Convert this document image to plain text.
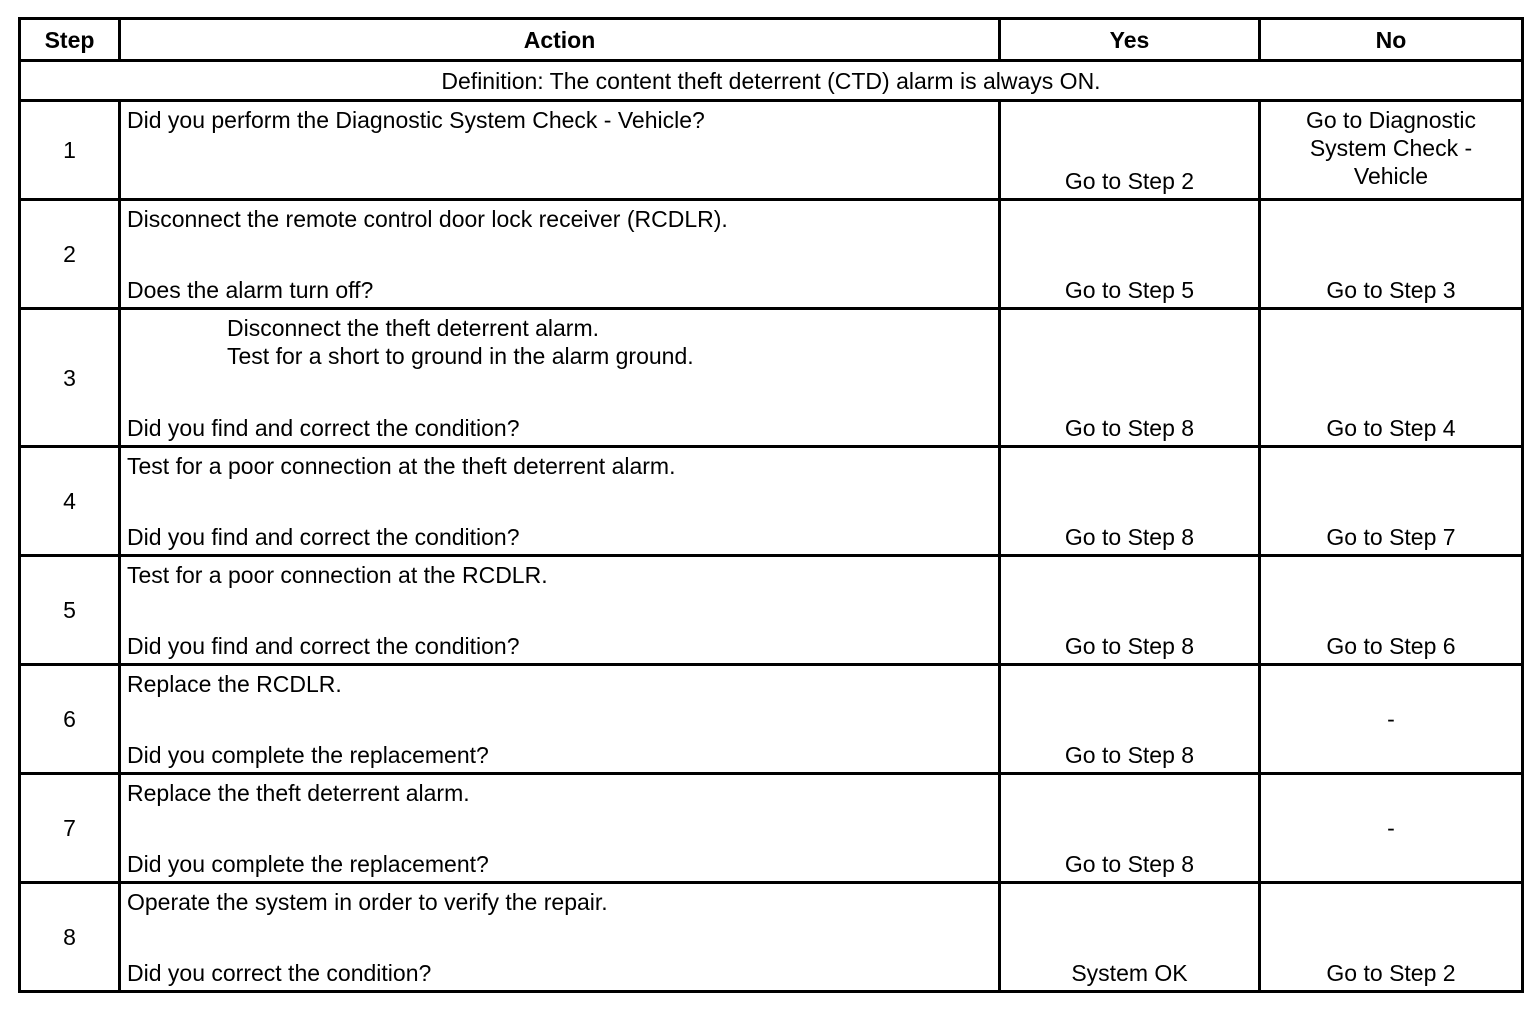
Step	Action	Yes	No
Definition: The content theft deterrent (CTD) alarm is always ON.			
1	Did you perform the Diagnostic System Check - Vehicle?	Go to Step 2	Go to Diagnostic
System Check -
Vehicle

2	Disconnect the remote control door lock receiver (RCDLR).
Does the alarm turn off?	Go to Step 5	Go to Step 3
3	Disconnect the theft deterrent alarm.
Test for a short to ground in the alarm ground.
Did you find and correct the condition?	Go to Step 8	Go to Step 4
4	Test for a poor connection at the theft deterrent alarm.
Did you find and correct the condition?	Go to Step 8	Go to Step 7
5	Test for a poor connection at the RCDLR.
Did you find and correct the condition?	Go to Step 8	Go to Step 6
6	Replace the RCDLR.
Did you complete the replacement?	Go to Step 8	-
7	Replace the theft deterrent alarm.
Did you complete the replacement?	Go to Step 8	-
8	Operate the system in order to verify the repair.
Did you correct the condition?	System OK	Go to Step 2
